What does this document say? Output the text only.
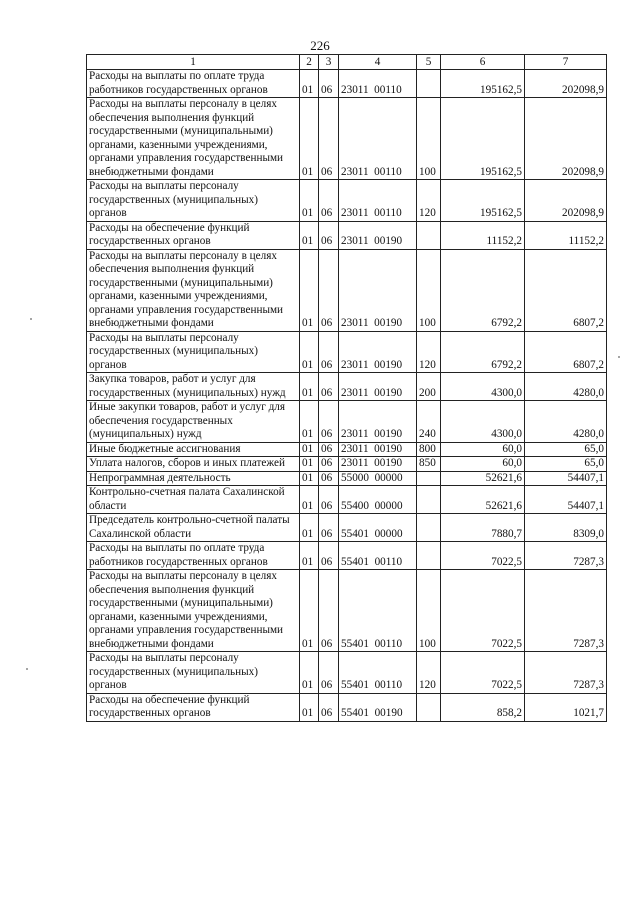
226
1	2	3	4	5	6	7
Расходы на выплаты по оплате труда работников государственных органов	01	06	23011  00110		195162,5	202098,9
Расходы на выплаты персоналу в целях обеспечения выполнения функций государственными (муниципальными) органами, казенными учреждениями, органами управления государственными внебюджетными фондами	01	06	23011  00110	100	195162,5	202098,9
Расходы на выплаты персоналу государственных (муниципальных) органов	01	06	23011  00110	120	195162,5	202098,9
Расходы на обеспечение функций государственных органов	01	06	23011  00190		11152,2	11152,2
Расходы на выплаты персоналу в целях обеспечения выполнения функций государственными (муниципальными) органами, казенными учреждениями, органами управления государственными внебюджетными фондами	01	06	23011  00190	100	6792,2	6807,2
Расходы на выплаты персоналу государственных (муниципальных) органов	01	06	23011  00190	120	6792,2	6807,2
Закупка товаров, работ и услуг для государственных (муниципальных) нужд	01	06	23011  00190	200	4300,0	4280,0
Иные закупки товаров, работ и услуг для обеспечения государственных (муниципальных) нужд	01	06	23011  00190	240	4300,0	4280,0
Иные бюджетные ассигнования	01	06	23011  00190	800	60,0	65,0
Уплата налогов, сборов и иных платежей	01	06	23011  00190	850	60,0	65,0
Непрограммная деятельность	01	06	55000  00000		52621,6	54407,1
Контрольно-счетная палата Сахалинской области	01	06	55400  00000		52621,6	54407,1
Председатель контрольно-счетной палаты Сахалинской области	01	06	55401  00000		7880,7	8309,0
Расходы на выплаты по оплате труда работников государственных органов	01	06	55401  00110		7022,5	7287,3
Расходы на выплаты персоналу в целях обеспечения выполнения функций государственными (муниципальными) органами, казенными учреждениями, органами управления государственными внебюджетными фондами	01	06	55401  00110	100	7022,5	7287,3
Расходы на выплаты персоналу государственных (муниципальных) органов	01	06	55401  00110	120	7022,5	7287,3
Расходы на обеспечение функций государственных органов	01	06	55401  00190		858,2	1021,7
